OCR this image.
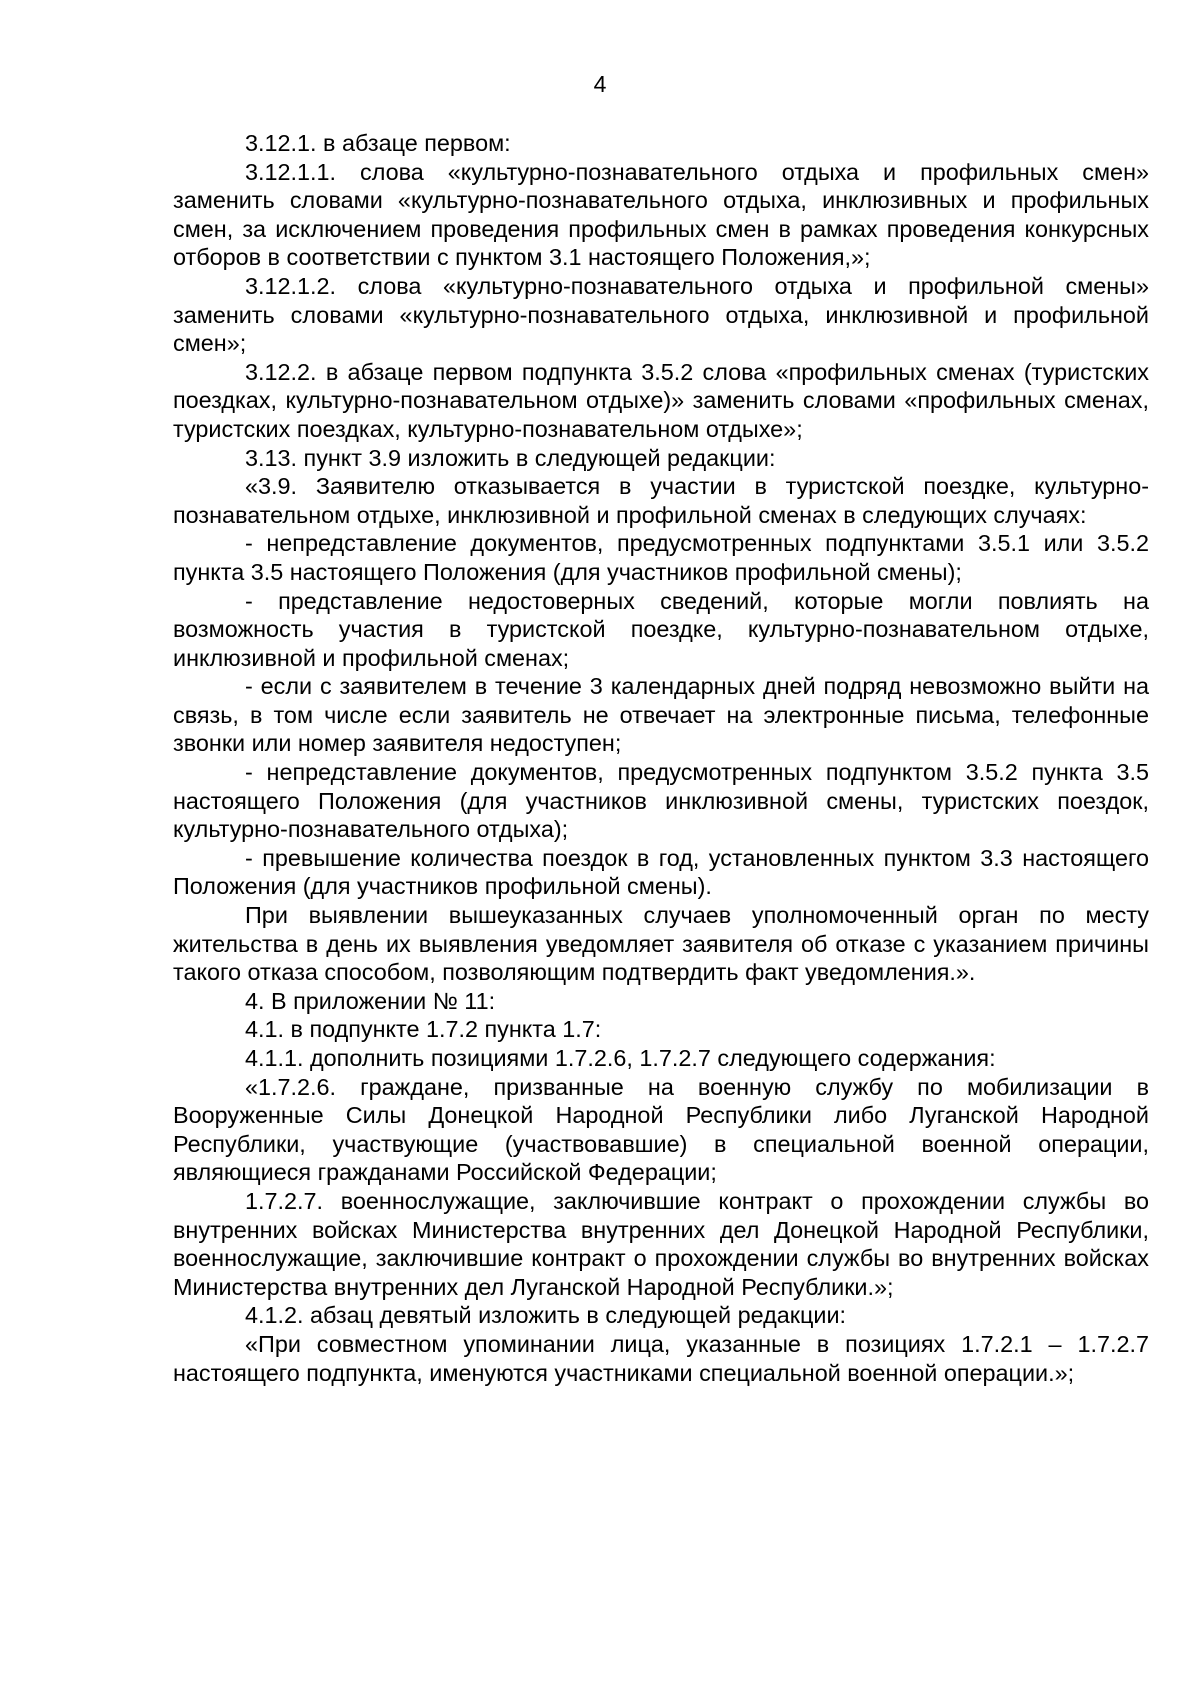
4

3.12.1. в абзаце первом:

3.12.1.1. слова «культурно-познавательного отдыха и профильных смен» заменить словами «культурно-познавательного отдыха, инклюзивных и профильных смен, за исключением проведения профильных смен в рамках проведения конкурсных отборов в соответствии с пунктом 3.1 настоящего Положения,»;

3.12.1.2. слова «культурно-познавательного отдыха и профильной смены» заменить словами «культурно-познавательного отдыха, инклюзивной и профильной смен»;

3.12.2. в абзаце первом подпункта 3.5.2 слова «профильных сменах (туристских поездках, культурно-познавательном отдыхе)» заменить словами «профильных сменах, туристских поездках, культурно-познавательном отдыхе»;

3.13. пункт 3.9 изложить в следующей редакции:

«3.9. Заявителю отказывается в участии в туристской поездке, культурно-познавательном отдыхе, инклюзивной и профильной сменах в следующих случаях:

- непредставление документов, предусмотренных подпунктами 3.5.1 или 3.5.2 пункта 3.5 настоящего Положения (для участников профильной смены);

- представление недостоверных сведений, которые могли повлиять на возможность участия в туристской поездке, культурно-познавательном отдыхе, инклюзивной и профильной сменах;

- если с заявителем в течение 3 календарных дней подряд невозможно выйти на связь, в том числе если заявитель не отвечает на электронные письма, телефонные звонки или номер заявителя недоступен;

- непредставление документов, предусмотренных подпунктом 3.5.2 пункта 3.5 настоящего Положения (для участников инклюзивной смены, туристских поездок, культурно-познавательного отдыха);

- превышение количества поездок в год, установленных пунктом 3.3 настоящего Положения (для участников профильной смены).

При выявлении вышеуказанных случаев уполномоченный орган по месту жительства в день их выявления уведомляет заявителя об отказе с указанием причины такого отказа способом, позволяющим подтвердить факт уведомления.».

4. В приложении № 11:

4.1. в подпункте 1.7.2 пункта 1.7:

4.1.1. дополнить позициями 1.7.2.6, 1.7.2.7 следующего содержания:

«1.7.2.6. граждане, призванные на военную службу по мобилизации в Вооруженные Силы Донецкой Народной Республики либо Луганской Народной Республики, участвующие (участвовавшие) в специальной военной операции, являющиеся гражданами Российской Федерации;

1.7.2.7. военнослужащие, заключившие контракт о прохождении службы во внутренних войсках Министерства внутренних дел Донецкой Народной Республики, военнослужащие, заключившие контракт о прохождении службы во внутренних войсках Министерства внутренних дел Луганской Народной Республики.»;

4.1.2. абзац девятый изложить в следующей редакции:

«При совместном упоминании лица, указанные в позициях 1.7.2.1 – 1.7.2.7 настоящего подпункта, именуются участниками специальной военной операции.»;
